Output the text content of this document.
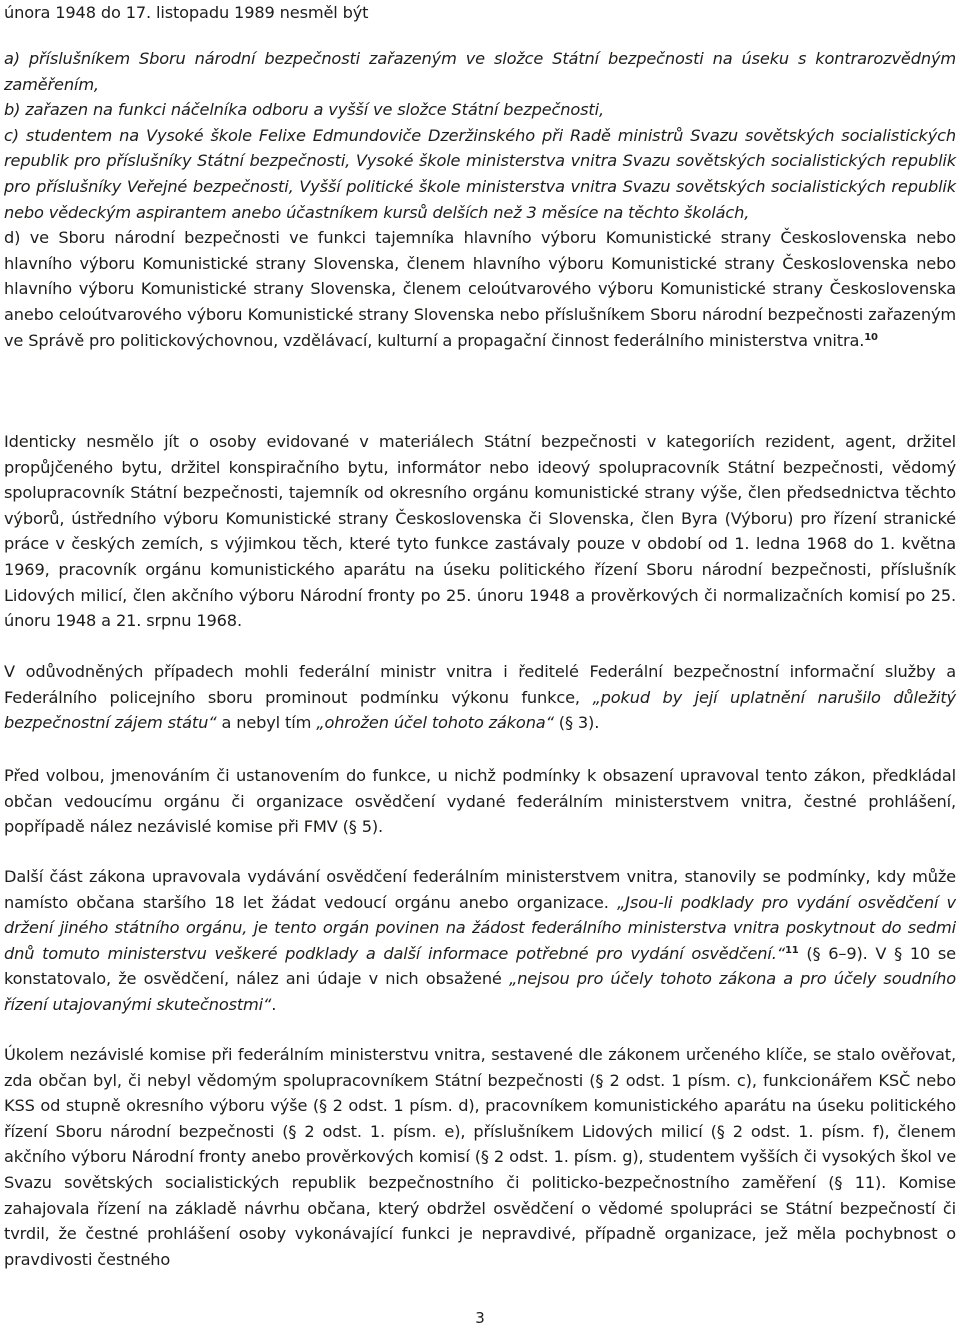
února 1948 do 17. listopadu 1989 nesměl být

a) příslušníkem Sboru národní bezpečnosti zařazeným ve složce Státní bezpečnosti na úseku s kontrarozvědným zaměřením,

b) zařazen na funkci náčelníka odboru a vyšší ve složce Státní bezpečnosti,

c) studentem na Vysoké škole Felixe Edmundoviče Dzeržinského při Radě ministrů Svazu sovětských socialistických republik pro příslušníky Státní bezpečnosti, Vysoké škole ministerstva vnitra Svazu sovětských socialistických republik pro příslušníky Veřejné bezpečnosti, Vyšší politické škole ministerstva vnitra Svazu sovětských socialistických republik nebo vědeckým aspirantem anebo účastníkem kursů delších než 3 měsíce na těchto školách,

d) ve Sboru národní bezpečnosti ve funkci tajemníka hlavního výboru Komunistické strany Československa nebo hlavního výboru Komunistické strany Slovenska, členem hlavního výboru Komunistické strany Československa nebo hlavního výboru Komunistické strany Slovenska, členem celoútvarového výboru Komunistické strany Československa anebo celoútvarového výboru Komunistické strany Slovenska nebo příslušníkem Sboru národní bezpečnosti zařazeným ve Správě pro politickovýchovnou, vzdělávací, kulturní a propagační činnost federálního ministerstva vnitra.$^{10}$

Identicky nesmělo jít o osoby evidované v materiálech Státní bezpečnosti v kategoriích rezident, agent, držitel propůjčeného bytu, držitel konspiračního bytu, informátor nebo ideový spolupracovník Státní bezpečnosti, vědomý spolupracovník Státní bezpečnosti, tajemník od okresního orgánu komunistické strany výše, člen předsednictva těchto výborů, ústředního výboru Komunistické strany Československa či Slovenska, člen Byra (Výboru) pro řízení stranické práce v českých zemích, s výjimkou těch, které tyto funkce zastávaly pouze v období od 1. ledna 1968 do 1. května 1969, pracovník orgánu komunistického aparátu na úseku politického řízení Sboru národní bezpečnosti, příslušník Lidových milicí, člen akčního výboru Národní fronty po 25. únoru 1948 a prověrkových či normalizačních komisí po 25. únoru 1948 a 21. srpnu 1968.

V odůvodněných případech mohli federální ministr vnitra i ředitelé Federální bezpečnostní informační služby a Federálního policejního sboru prominout podmínku výkonu funkce, „pokud by její uplatnění narušilo důležitý bezpečnostní zájem státu“ a nebyl tím „ohrožen účel tohoto zákona“ (§ 3).

Před volbou, jmenováním či ustanovením do funkce, u nichž podmínky k obsazení upravoval tento zákon, předkládal občan vedoucímu orgánu či organizace osvědčení vydané federálním ministerstvem vnitra, čestné prohlášení, popřípadě nález nezávislé komise při FMV (§ 5).

Další část zákona upravovala vydávání osvědčení federálním ministerstvem vnitra, stanovily se podmínky, kdy může namísto občana staršího 18 let žádat vedoucí orgánu anebo organizace. „Jsou-li podklady pro vydání osvědčení v držení jiného státního orgánu, je tento orgán povinen na žádost federálního ministerstva vnitra poskytnout do sedmi dnů tomuto ministerstvu veškeré podklady a další informace potřebné pro vydání osvědčení.“$^{11}$ (§ 6–9). V § 10 se konstatovalo, že osvědčení, nález ani údaje v nich obsažené „nejsou pro účely tohoto zákona a pro účely soudního řízení utajovanými skutečnostmi“.

Úkolem nezávislé komise při federálním ministerstvu vnitra, sestavené dle zákonem určeného klíče, se stalo ověřovat, zda občan byl, či nebyl vědomým spolupracovníkem Státní bezpečnosti (§ 2 odst. 1 písm. c), funkcionářem KSČ nebo KSS od stupně okresního výboru výše (§ 2 odst. 1 písm. d), pracovníkem komunistického aparátu na úseku politického řízení Sboru národní bezpečnosti (§ 2 odst. 1. písm. e), příslušníkem Lidových milicí (§ 2 odst. 1. písm. f), členem akčního výboru Národní fronty anebo prověrkových komisí (§ 2 odst. 1. písm. g), studentem vyšších či vysokých škol ve Svazu sovětských socialistických republik bezpečnostního či politicko-bezpečnostního zaměření (§ 11). Komise zahajovala řízení na základě návrhu občana, který obdržel osvědčení o vědomé spolupráci se Státní bezpečností či tvrdil, že čestné prohlášení osoby vykonávající funkci je nepravdivé, případně organizace, jež měla pochybnost o pravdivosti čestného

3
